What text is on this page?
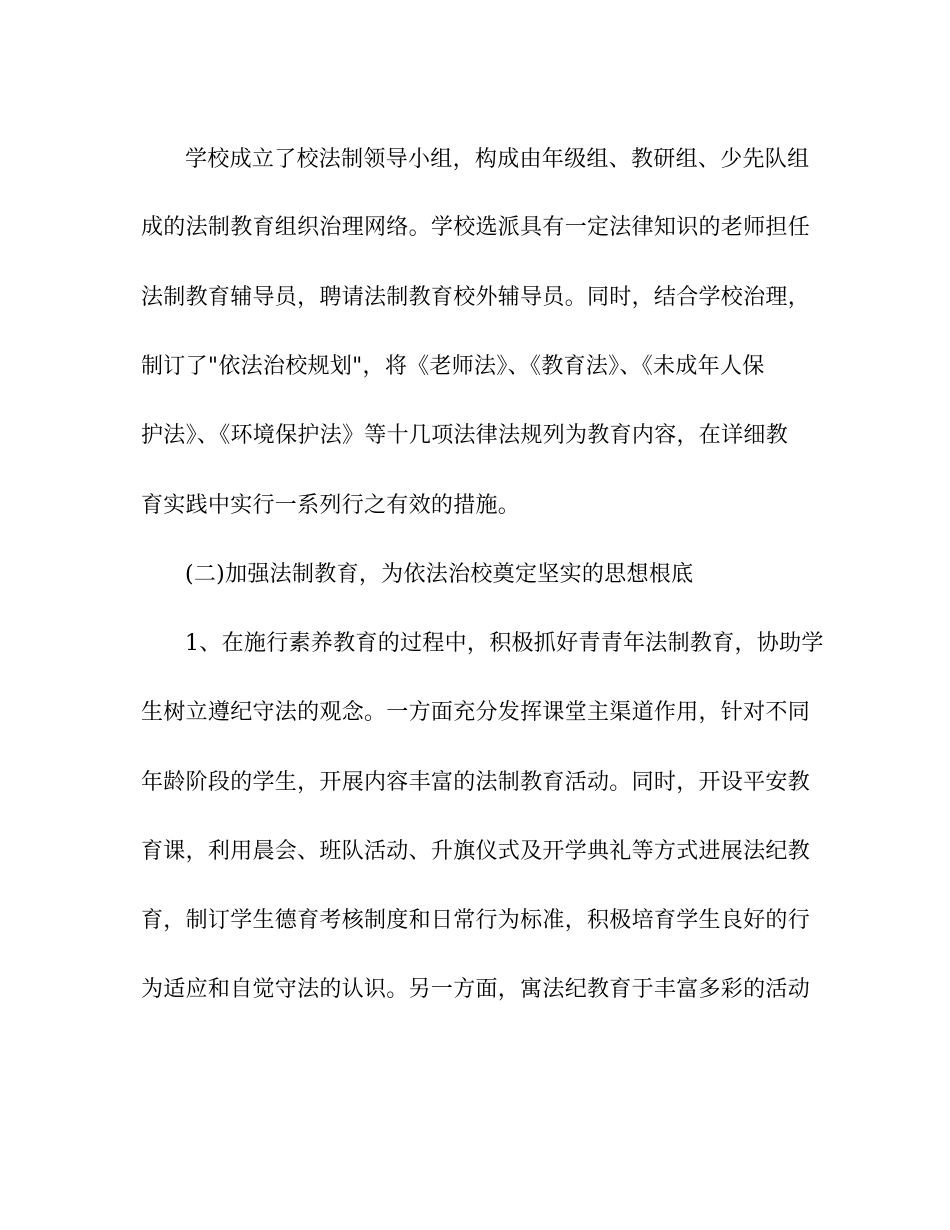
学校成立了校法制领导小组，构成由年级组、教研组、少先队组
成的法制教育组织治理网络。学校选派具有一定法律知识的老师担任
法制教育辅导员，聘请法制教育校外辅导员。同时，结合学校治理，
制订了"依法治校规划"，将《老师法》、《教育法》、《未成年人保
护法》、《环境保护法》等十几项法律法规列为教育内容，在详细教
育实践中实行一系列行之有效的措施。
(二)加强法制教育，为依法治校奠定坚实的思想根底
1、在施行素养教育的过程中，积极抓好青青年法制教育，协助学
生树立遵纪守法的观念。一方面充分发挥课堂主渠道作用，针对不同
年龄阶段的学生，开展内容丰富的法制教育活动。同时，开设平安教
育课，利用晨会、班队活动、升旗仪式及开学典礼等方式进展法纪教
育，制订学生德育考核制度和日常行为标准，积极培育学生良好的行
为适应和自觉守法的认识。另一方面，寓法纪教育于丰富多彩的活动
